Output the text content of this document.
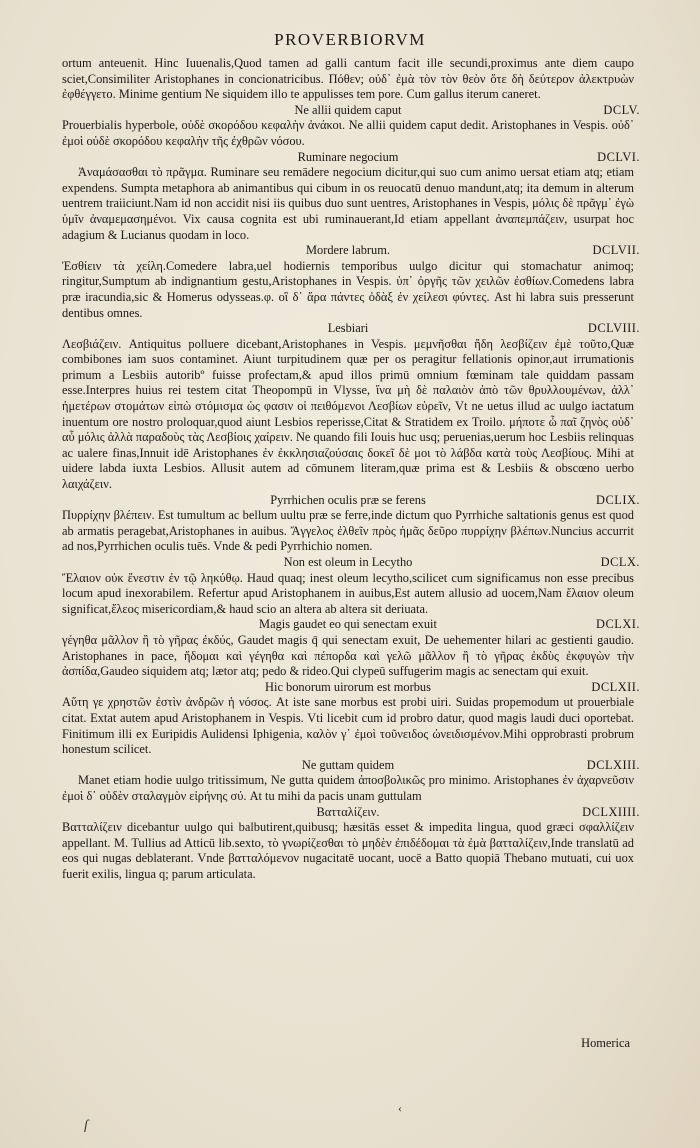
PROVERBIORVM

ortum anteuenit. Hinc Iuuenalis,Quod tamen ad galli cantum facit ille secundi,proximus ante diem caupo sciet,Consimiliter Aristophanes in concionatricibus. Πόθεν; οὐδ᾽ ἐμὰ τὸν τὸν θεὸν ὅτε δὴ δεύτερον ἀλεκτρυὼν ἐφθέγγετο. Minime gentium Ne siquidem illo te appulisses tem pore. Cum gallus iterum caneret.

Ne allii quidem caput	DCLV.

Prouerbialis hyperbole, οὐδὲ σκορόδου κεφαλὴν ἀνάκοι. Ne allii quidem caput dedit. Aristophanes in Vespis. οὐδ᾽ ἐμοὶ οὐδὲ σκορόδου κεφαλὴν τῆς ἐχθρῶν νόσου.

Ruminare negocium	DCLVI.

Ἀναμάσασθαι τὸ πρᾶγμα. Ruminare seu remādere negocium dicitur,qui suo cum animo uersat etiam atq; etiam expendens. Sumpta metaphora ab animantibus qui cibum in os reuocatū denuo mandunt,atq; ita demum in alterum uentrem traiiciunt.Nam id non accidit nisi iis quibus duo sunt uentres, Aristophanes in Vespis, μόλις δὲ πρᾶγμ᾽ ἐγὼ ὑμῖν ἀναμεμασημένοι. Vix causa cognita est ubi ruminauerant,Id etiam appellant ἀναπεμπάζειν, usurpat hoc adagium & Lucianus quodam in loco.

Mordere labrum.	DCLVII.

Ἐσθίειν τὰ χείλη.Comedere labra,uel hodiernis temporibus uulgo dicitur qui stomachatur animoq; ringitur,Sumptum ab indignantium gestu,Aristophanes in Vespis. ὑπ᾽ ὀργῆς τῶν χειλῶν ἐσθίων.Comedens labra præ iracundia,sic & Homerus odysseas.φ. οἳ δ᾽ ἄρα πάντες ὀδὰξ ἐν χείλεσι φύντες. Ast hi labra suis presserunt dentibus omnes.

Lesbiari	DCLVIII.

Λεσβιάζειν. Antiquitus polluere dicebant,Aristophanes in Vespis. μεμνῆσθαι ἤδη λεσβίζειν ἐμὲ τοῦτο,Quæ combibones iam suos contaminet. Aiunt turpitudinem quæ per os peragitur fellationis opinor,aut irrumationis primum a Lesbiis autoribº fuisse profectam,& apud illos primū omnium fœminam tale quiddam passam esse.Interpres huius rei testem citat Theopompū in Vlysse, ἵνα μὴ δὲ παλαιὸν ἀπὸ τῶν θρυλλουμένων, ἀλλ᾽ ἡμετέρων στομάτων εἰπὼ στόμισμα ὡς φασιν οἱ πειθόμενοι Λεσβίων εὑρεῖν, Vt ne uetus illud ac uulgo iactatum inuentum ore nostro proloquar,quod aiunt Lesbios reperisse,Citat & Stratidem ex Troilo. μήποτε ὦ παῖ ζηνὸς οὐδ᾽ αὖ μόλις ἀλλὰ παραδοὺς τὰς Λεσβίοις χαίρειν. Ne quando fili Iouis huc usq; peruenias,uerum hoc Lesbiis relinquas ac ualere finas,Innuit idē Aristophanes ἐν ἐκκλησιαζούσαις δοκεῖ δὲ μοι τὸ λάβδα κατὰ τοὺς Λεσβίους. Mihi at uidere labda iuxta Lesbios. Allusit autem ad cōmunem literam,quæ prima est & Lesbiis & obscœno uerbo λαιχάζειν.

Pyrrhichen oculis præ se ferens	DCLIX.

Πυρρίχην βλέπειν. Est tumultum ac bellum uultu præ se ferre,inde dictum quo Pyrrhiche saltationis genus est quod ab armatis peragebat,Aristophanes in auibus. Ἄγγελος ἐλθεῖν πρὸς ἡμᾶς δεῦρο πυρρίχην βλέπων.Nuncius accurrit ad nos,Pyrrhichen oculis tuēs. Vnde & pedi Pyrrhichio nomen.

Non est oleum in Lecytho	DCLX.

Ἔλαιον οὐκ ἔνεστιν ἐν τῷ ληκύθῳ. Haud quaq; inest oleum lecytho,scilicet cum significamus non esse precibus locum apud inexorabilem. Refertur apud Aristophanem in auibus,Est autem allusio ad uocem,Nam ἔλαιον oleum significat,ἔλεος misericordiam,& haud scio an altera ab altera sit deriuata.

Magis gaudet eo qui senectam exuit	DCLXI.

γέγηθα μᾶλλον ἢ τὸ γῆρας ἐκδύς, Gaudet magis q̄ qui senectam exuit, De uehementer hilari ac gestienti gaudio. Aristophanes in pace, ἥδομαι καὶ γέγηθα καὶ πέπορδα καὶ γελῶ μᾶλλον ἢ τὸ γῆρας ἐκδὺς ἐκφυγὼν τὴν ἀσπίδα,Gaudeo siquidem atq; lætor atq; pedo & rideo.Qui clypeū suffugerim magis ac senectam qui exuit.

Hic bonorum uirorum est morbus	DCLXII.

Αὕτη γε χρηστῶν ἐστὶν ἀνδρῶν ἡ νόσος. At iste sane morbus est probi uiri. Suidas propemodum ut prouerbiale citat. Extat autem apud Aristophanem in Vespis. Vti licebit cum id probro datur, quod magis laudi duci oportebat. Finitimum illi ex Euripidis Aulidensi Iphigenia, καλὸν γ᾽ ἐμοὶ τοῦνειδος ὠνειδισμένον.Mihi opprobrasti probrum honestum scilicet.

Ne guttam quidem	DCLXIII.

Manet etiam hodie uulgo tritissimum, Ne gutta quidem ἀποσβολικῶς pro minimo. Aristophanes ἐν ἀχαρνεῦσιν ἐμοὶ δ᾽ οὐδὲν σταλαγμὸν εἰρήνης σύ. At tu mihi da pacis unam guttulam

Βατταλίζειν.	DCLXIIII.

Βατταλίζειν dicebantur uulgo qui balbutirent,quibusq; hæsitās esset & impedita lingua, quod græci σφαλλίζειν appellant. M. Tullius ad Atticū lib.sexto, τὸ γνωρίζεσθαι τὸ μηδὲν ἐπιδέδομαι τὰ ἐμὰ βατταλίζειν,Inde translatū ad eos qui nugas deblaterant. Vnde βατταλόμενον nugacitatē uocant, uocē a Batto quopiā Thebano mutuati, cui uox fuerit exilis, lingua q; parum articulata.

Homerica
ſ
‹
